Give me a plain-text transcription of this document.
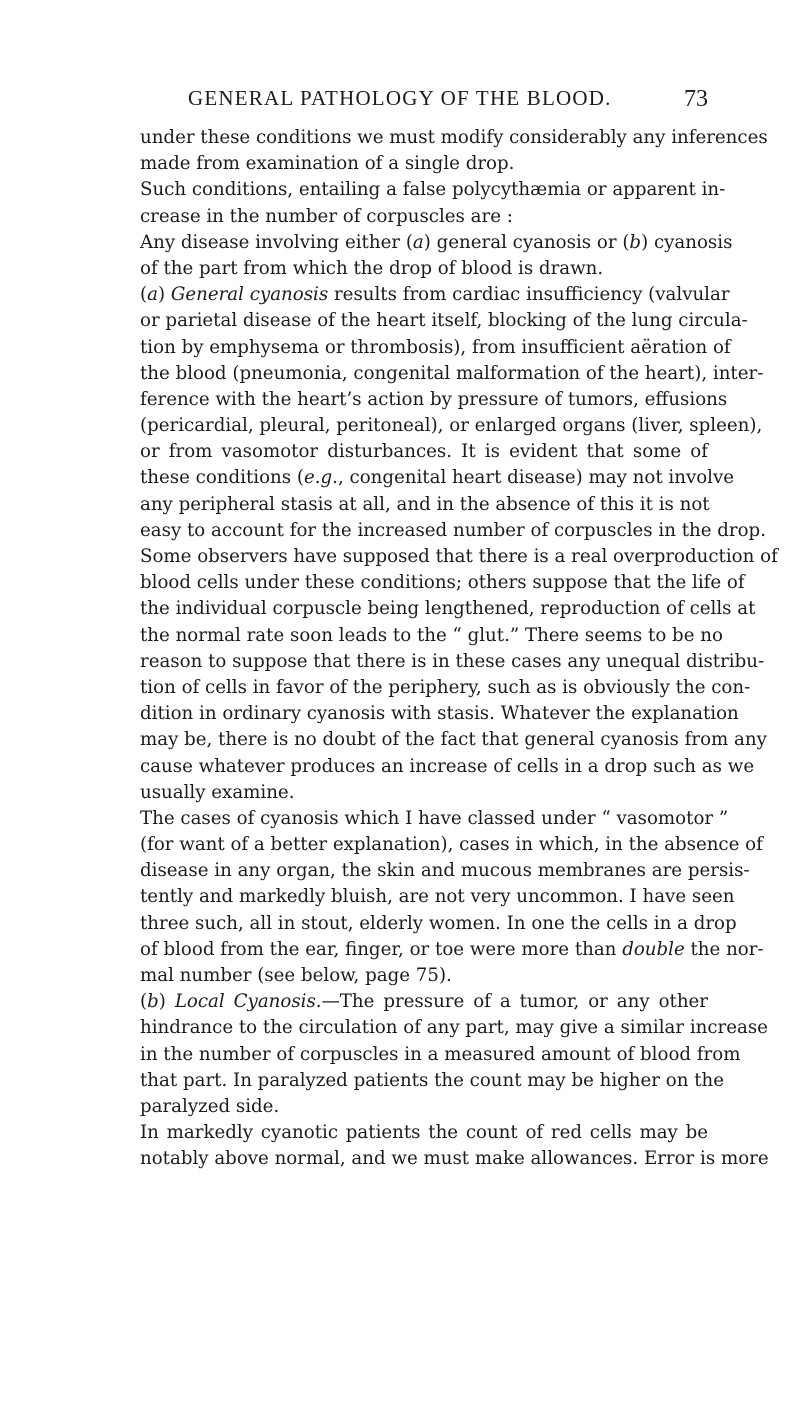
GENERAL PATHOLOGY OF THE BLOOD.	73
under these conditions we must modify considerably any inferences
made from examination of a single drop.
Such conditions, entailing a false polycythæmia or apparent in-
crease in the number of corpuscles are :
Any disease involving either (a) general cyanosis or (b) cyanosis
of the part from which the drop of blood is drawn.
(a) General cyanosis results from cardiac insufficiency (valvular
or parietal disease of the heart itself, blocking of the lung circula-
tion by emphysema or thrombosis), from insufficient aëration of
the blood (pneumonia, congenital malformation of the heart), inter-
ference with the heart’s action by pressure of tumors, effusions
(pericardial, pleural, peritoneal), or enlarged organs (liver, spleen),
or from vasomotor disturbances. It is evident that some of
these conditions (e.g., congenital heart disease) may not involve
any peripheral stasis at all, and in the absence of this it is not
easy to account for the increased number of corpuscles in the drop.
Some observers have supposed that there is a real overproduction of
blood cells under these conditions; others suppose that the life of
the individual corpuscle being lengthened, reproduction of cells at
the normal rate soon leads to the “ glut.” There seems to be no
reason to suppose that there is in these cases any unequal distribu-
tion of cells in favor of the periphery, such as is obviously the con-
dition in ordinary cyanosis with stasis. Whatever the explanation
may be, there is no doubt of the fact that general cyanosis from any
cause whatever produces an increase of cells in a drop such as we
usually examine.
The cases of cyanosis which I have classed under “ vasomotor ”
(for want of a better explanation), cases in which, in the absence of
disease in any organ, the skin and mucous membranes are persis-
tently and markedly bluish, are not very uncommon. I have seen
three such, all in stout, elderly women. In one the cells in a drop
of blood from the ear, finger, or toe were more than double the nor-
mal number (see below, page 75).
(b) Local Cyanosis.—The pressure of a tumor, or any other
hindrance to the circulation of any part, may give a similar increase
in the number of corpuscles in a measured amount of blood from
that part. In paralyzed patients the count may be higher on the
paralyzed side.
In markedly cyanotic patients the count of red cells may be
notably above normal, and we must make allowances. Error is more
